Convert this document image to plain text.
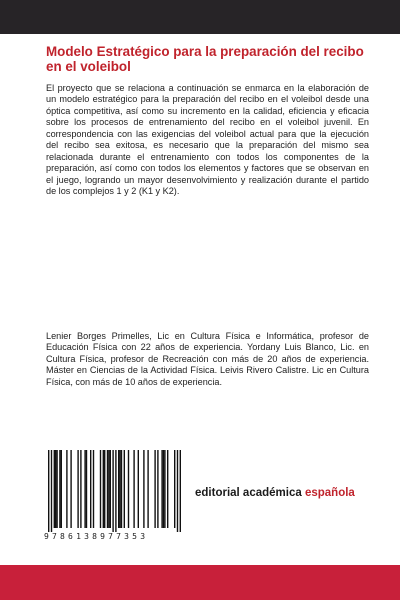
Modelo Estratégico para la preparación del recibo en el voleibol

El proyecto que se relaciona a continuación se enmarca en la elaboración de un modelo estratégico para la preparación del recibo en el voleibol desde una óptica competitiva, así como su incremento en la calidad, eficiencia y eficacia sobre los procesos de entrenamiento del recibo en el voleibol juvenil. En correspondencia con las exigencias del voleibol actual para que la ejecución del recibo sea exitosa, es necesario que la preparación del mismo sea relacionada durante el entrenamiento con todos los componentes de la preparación, así como con todos los elementos y factores que se observan en el juego, logrando un mayor desenvolvimiento y realización durante el partido de los complejos 1 y 2 (K1 y K2).

Lenier Borges Primelles, Lic en Cultura Física e Informática, profesor de Educación Física con 22 años de experiencia. Yordany Luis Blanco, Lic. en Cultura Física, profesor de Recreación con más de 20 años de experiencia. Máster en Ciencias de la Actividad Física. Leivis Rivero Calistre. Lic en Cultura Física, con más de 10 años de experiencia.

9786138977353
editorial académica española
